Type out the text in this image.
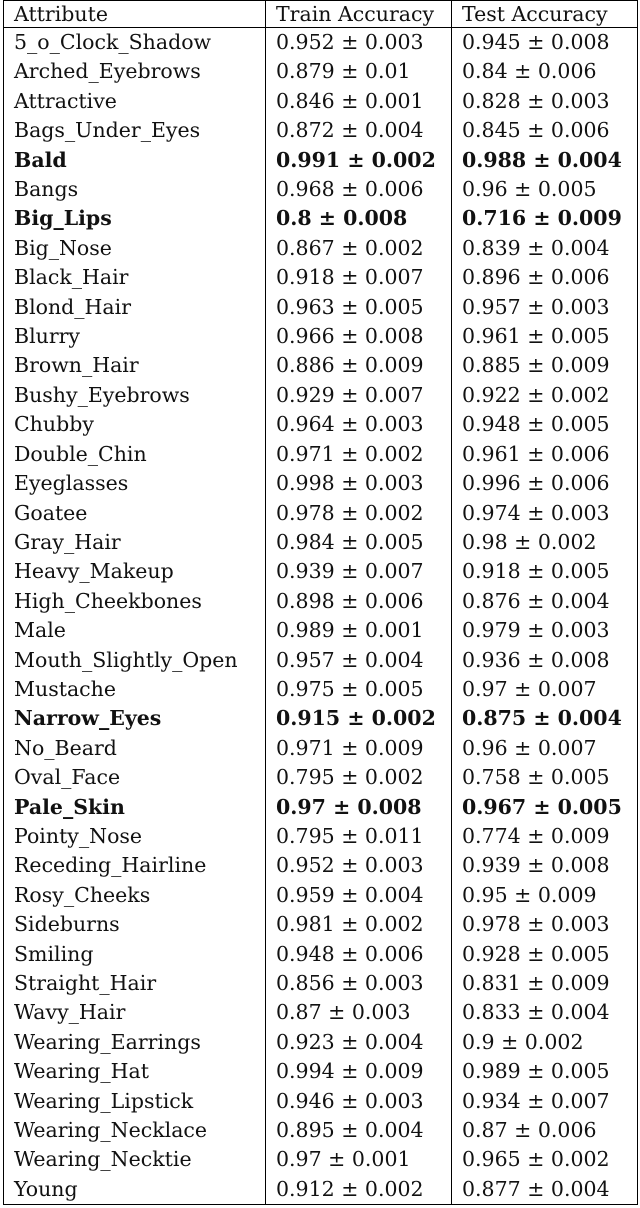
Attribute	Train Accuracy	Test Accuracy
5_o_Clock_Shadow	0.952 ± 0.003	0.945 ± 0.008
Arched_Eyebrows	0.879 ± 0.01	0.84 ± 0.006
Attractive	0.846 ± 0.001	0.828 ± 0.003
Bags_Under_Eyes	0.872 ± 0.004	0.845 ± 0.006
Bald	0.991 ± 0.002	0.988 ± 0.004
Bangs	0.968 ± 0.006	0.96 ± 0.005
Big_Lips	0.8 ± 0.008	0.716 ± 0.009
Big_Nose	0.867 ± 0.002	0.839 ± 0.004
Black_Hair	0.918 ± 0.007	0.896 ± 0.006
Blond_Hair	0.963 ± 0.005	0.957 ± 0.003
Blurry	0.966 ± 0.008	0.961 ± 0.005
Brown_Hair	0.886 ± 0.009	0.885 ± 0.009
Bushy_Eyebrows	0.929 ± 0.007	0.922 ± 0.002
Chubby	0.964 ± 0.003	0.948 ± 0.005
Double_Chin	0.971 ± 0.002	0.961 ± 0.006
Eyeglasses	0.998 ± 0.003	0.996 ± 0.006
Goatee	0.978 ± 0.002	0.974 ± 0.003
Gray_Hair	0.984 ± 0.005	0.98 ± 0.002
Heavy_Makeup	0.939 ± 0.007	0.918 ± 0.005
High_Cheekbones	0.898 ± 0.006	0.876 ± 0.004
Male	0.989 ± 0.001	0.979 ± 0.003
Mouth_Slightly_Open	0.957 ± 0.004	0.936 ± 0.008
Mustache	0.975 ± 0.005	0.97 ± 0.007
Narrow_Eyes	0.915 ± 0.002	0.875 ± 0.004
No_Beard	0.971 ± 0.009	0.96 ± 0.007
Oval_Face	0.795 ± 0.002	0.758 ± 0.005
Pale_Skin	0.97 ± 0.008	0.967 ± 0.005
Pointy_Nose	0.795 ± 0.011	0.774 ± 0.009
Receding_Hairline	0.952 ± 0.003	0.939 ± 0.008
Rosy_Cheeks	0.959 ± 0.004	0.95 ± 0.009
Sideburns	0.981 ± 0.002	0.978 ± 0.003
Smiling	0.948 ± 0.006	0.928 ± 0.005
Straight_Hair	0.856 ± 0.003	0.831 ± 0.009
Wavy_Hair	0.87 ± 0.003	0.833 ± 0.004
Wearing_Earrings	0.923 ± 0.004	0.9 ± 0.002
Wearing_Hat	0.994 ± 0.009	0.989 ± 0.005
Wearing_Lipstick	0.946 ± 0.003	0.934 ± 0.007
Wearing_Necklace	0.895 ± 0.004	0.87 ± 0.006
Wearing_Necktie	0.97 ± 0.001	0.965 ± 0.002
Young	0.912 ± 0.002	0.877 ± 0.004
